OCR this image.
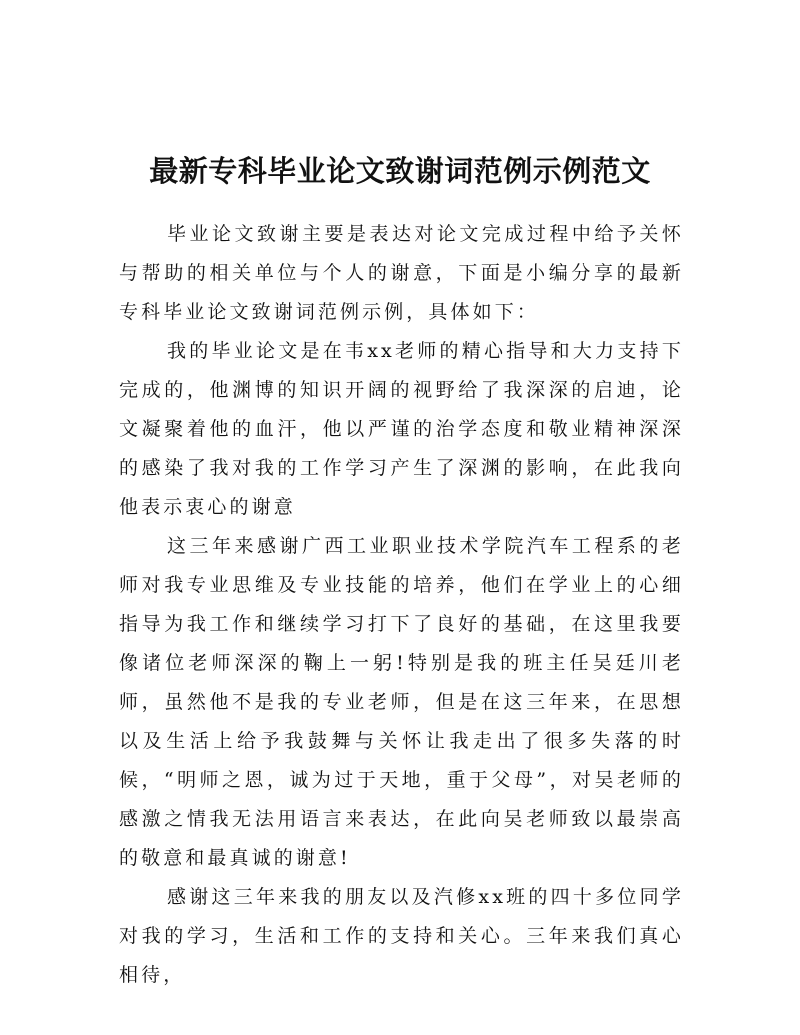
最新专科毕业论文致谢词范例示例范文

毕业论文致谢主要是表达对论文完成过程中给予关怀与帮助的相关单位与个人的谢意，下面是小编分享的最新专科毕业论文致谢词范例示例，具体如下：

我的毕业论文是在韦xx老师的精心指导和大力支持下完成的，他渊博的知识开阔的视野给了我深深的启迪，论文凝聚着他的血汗，他以严谨的治学态度和敬业精神深深的感染了我对我的工作学习产生了深渊的影响，在此我向他表示衷心的谢意

这三年来感谢广西工业职业技术学院汽车工程系的老师对我专业思维及专业技能的培养，他们在学业上的心细指导为我工作和继续学习打下了良好的基础，在这里我要像诸位老师深深的鞠上一躬!特别是我的班主任吴廷川老师，虽然他不是我的专业老师，但是在这三年来，在思想以及生活上给予我鼓舞与关怀让我走出了很多失落的时候，“明师之恩，诚为过于天地，重于父母”，对吴老师的感激之情我无法用语言来表达，在此向吴老师致以最崇高的敬意和最真诚的谢意!

感谢这三年来我的朋友以及汽修xx班的四十多位同学对我的学习，生活和工作的支持和关心。三年来我们真心相待，
